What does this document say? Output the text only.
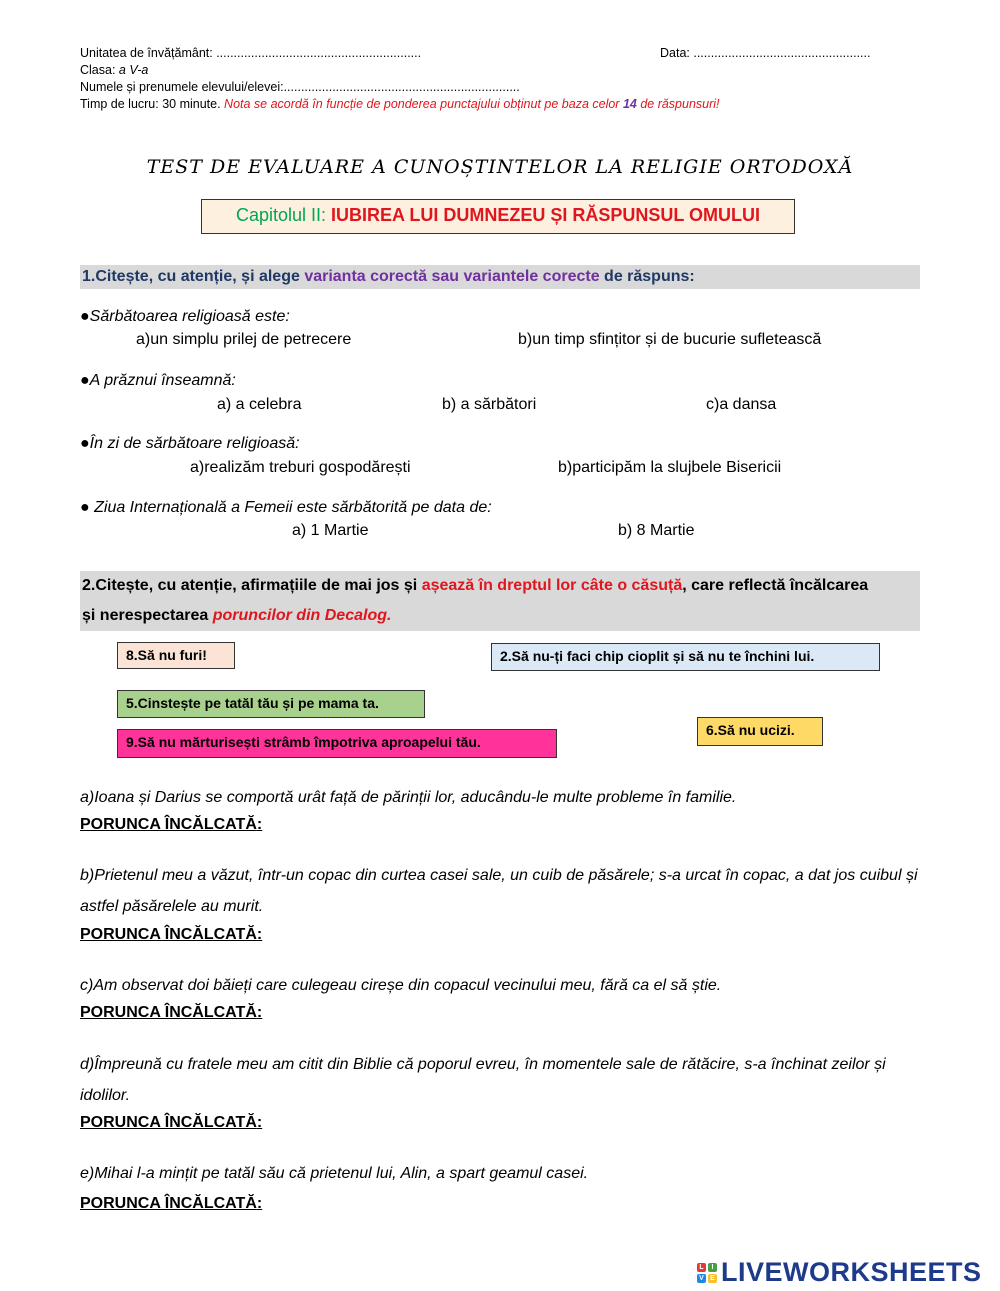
Unitatea de învățământ: ...........................................................
Clasa: a V-a
Numele și prenumele elevului/elevei:....................................................................
Timp de lucru: 30 minute. Nota se acordă în funcție de ponderea punctajului obținut pe baza celor 14 de răspunsuri!
Data: ...................................................
TEST DE EVALUARE A CUNOȘTINTELOR LA RELIGIE ORTODOXĂ
Capitolul II: IUBIREA LUI DUMNEZEU ȘI RĂSPUNSUL OMULUI
1.Citește, cu atenție, și alege varianta corectă sau variantele corecte de răspuns:
●Sărbătoarea religioasă este:
a)un simplu prilej de petrecere	b)un timp sfințitor și de bucurie sufletească
●A prăznui înseamnă:
a) a celebra	b) a sărbători	c)a dansa
●În zi de sărbătoare religioasă:
a)realizăm treburi gospodărești	b)participăm la slujbele Bisericii
● Ziua Internațională a Femeii este sărbătorită pe data de:
a) 1 Martie	b) 8 Martie
2.Citește, cu atenție, afirmațiile de mai jos și așează în dreptul lor câte o căsuță, care reflectă încălcarea
și nerespectarea poruncilor din Decalog.
8.Să nu furi!	2.Să nu-ți faci chip cioplit și să nu te închini lui.
5.Cinstește pe tatăl tău și pe mama ta.
6.Să nu ucizi.
9.Să nu mărturisești strâmb împotriva aproapelui tău.
a)Ioana și Darius se comportă urât față de părinții lor, aducându-le multe probleme în familie.
PORUNCA ÎNCĂLCATĂ:
b)Prietenul meu a văzut, într-un copac din curtea casei sale, un cuib de păsărele; s-a urcat în copac, a dat jos cuibul și astfel păsărelele au murit.
PORUNCA ÎNCĂLCATĂ:
c)Am observat doi băieți care culegeau cireșe din copacul vecinului meu, fără ca el să știe.
PORUNCA ÎNCĂLCATĂ:
d)Împreună cu fratele meu am citit din Biblie că poporul evreu, în momentele sale de rătăcire, s-a închinat zeilor și idolilor.
PORUNCA ÎNCĂLCATĂ:
e)Mihai l-a mințit pe tatăl său că prietenul lui, Alin, a spart geamul casei.
PORUNCA ÎNCĂLCATĂ:
L	I
V E LIVEWORKSHEETS
